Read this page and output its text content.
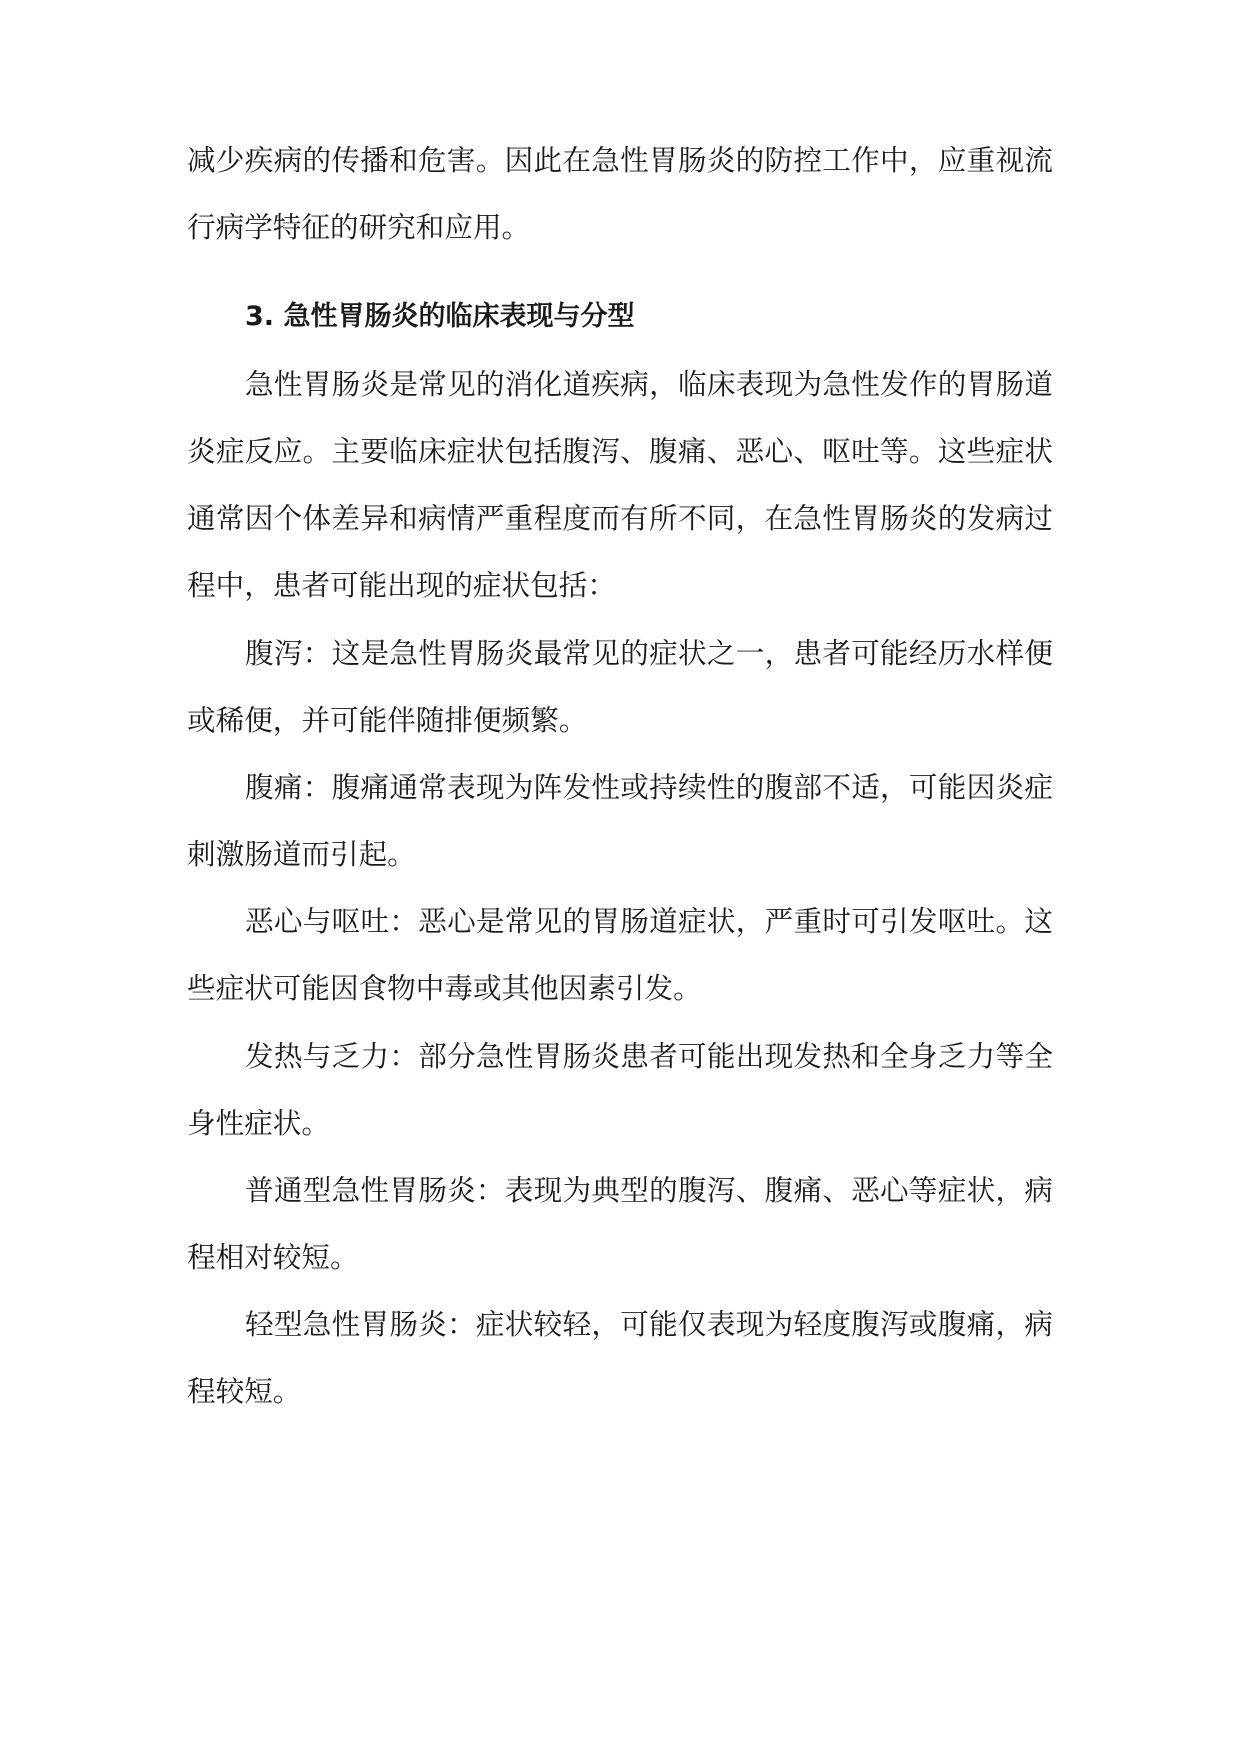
减少疾病的传播和危害。因此在急性胃肠炎的防控工作中，应重视流
行病学特征的研究和应用。
3. 急性胃肠炎的临床表现与分型
急性胃肠炎是常见的消化道疾病，临床表现为急性发作的胃肠道
炎症反应。主要临床症状包括腹泻、腹痛、恶心、呕吐等。这些症状
通常因个体差异和病情严重程度而有所不同，在急性胃肠炎的发病过
程中，患者可能出现的症状包括：
腹泻：这是急性胃肠炎最常见的症状之一，患者可能经历水样便
或稀便，并可能伴随排便频繁。
腹痛：腹痛通常表现为阵发性或持续性的腹部不适，可能因炎症
刺激肠道而引起。
恶心与呕吐：恶心是常见的胃肠道症状，严重时可引发呕吐。这
些症状可能因食物中毒或其他因素引发。
发热与乏力：部分急性胃肠炎患者可能出现发热和全身乏力等全
身性症状。
普通型急性胃肠炎：表现为典型的腹泻、腹痛、恶心等症状，病
程相对较短。
轻型急性胃肠炎：症状较轻，可能仅表现为轻度腹泻或腹痛，病
程较短。
